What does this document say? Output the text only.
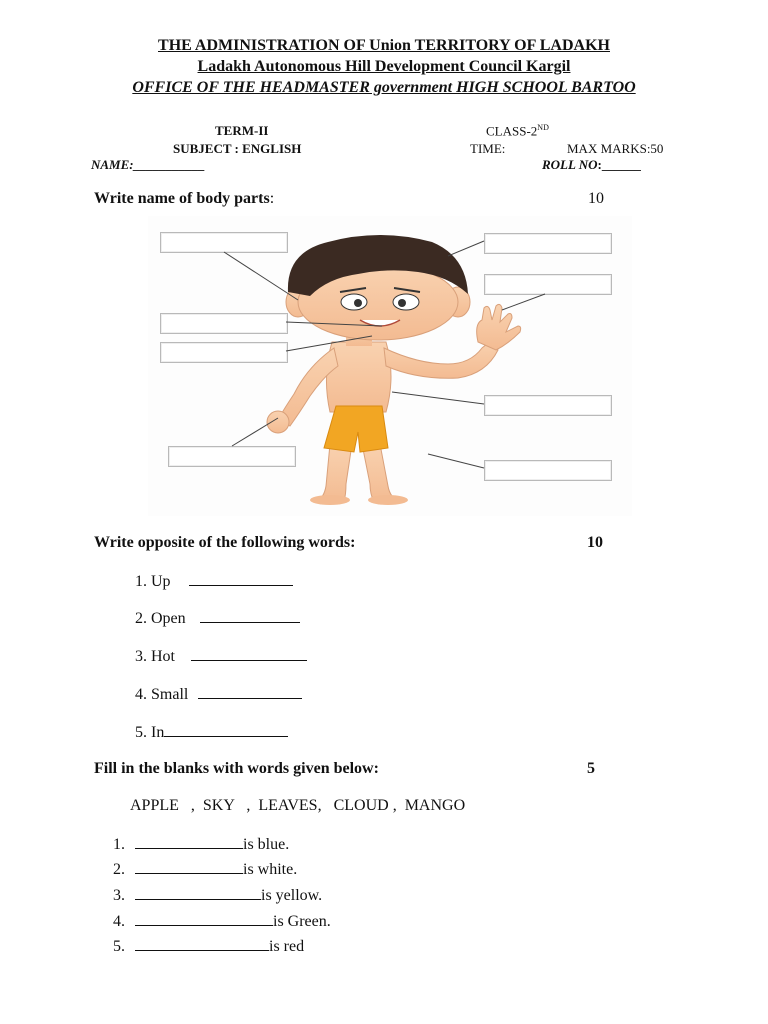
THE ADMINISTRATION OF Union TERRITORY OF LADAKH
Ladakh Autonomous Hill Development Council Kargil
OFFICE OF THE HEADMASTER government HIGH SCHOOL BARTOO
TERM-II	CLASS-2ND
SUBJECT : ENGLISH	TIME:	MAX MARKS:50
NAME:___________	ROLL NO:______
Write name of body parts:	10
Write opposite of the following words:	10
1. Up
2. Open
3. Hot
4. Small
5. In
Fill in the blanks with words given below:	5
APPLE   ,  SKY   ,  LEAVES,   CLOUD ,  MANGO
1.	is blue.
2.	is white.
3.	is yellow.
4.	is Green.
5.	is red
